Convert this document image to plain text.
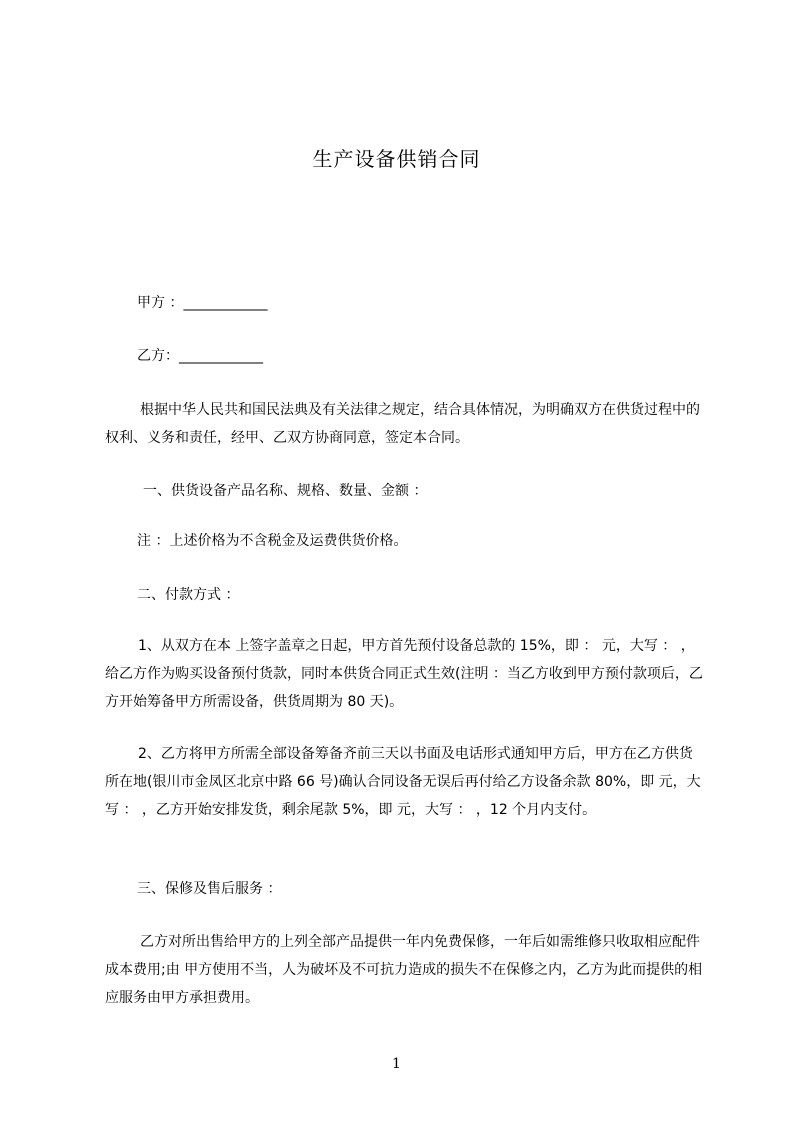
生产设备供销合同
甲方 ：____________
乙方：____________
根据中华人民共和国民法典及有关法律之规定，结合具体情况，为明确双方在供货过程中的权利、义务和责任，经甲、乙双方协商同意，签定本合同。
一、供货设备产品名称、规格、数量、金额 ：
注 ：上述价格为不含税金及运费供货价格。
二、付款方式 ：
1、从双方在本 上签字盖章之日起，甲方首先预付设备总款的 15%，即 ： 元，大写 ： ，给乙方作为购买设备预付货款，同时本供货合同正式生效(注明 ：当乙方收到甲方预付款项后，乙方开始筹备甲方所需设备，供货周期为 80 天)。
2、乙方将甲方所需全部设备筹备齐前三天以书面及电话形式通知甲方后，甲方在乙方供货所在地(银川市金凤区北京中路 66 号)确认合同设备无误后再付给乙方设备余款 80%，即 元，大写 ： ，乙方开始安排发货，剩余尾款 5%，即 元，大写 ： ，12 个月内支付。
三、保修及售后服务 ：
乙方对所出售给甲方的上列全部产品提供一年内免费保修，一年后如需维修只收取相应配件成本费用;由 甲方使用不当，人为破坏及不可抗力造成的损失不在保修之内，乙方为此而提供的相应服务由甲方承担费用。
1
